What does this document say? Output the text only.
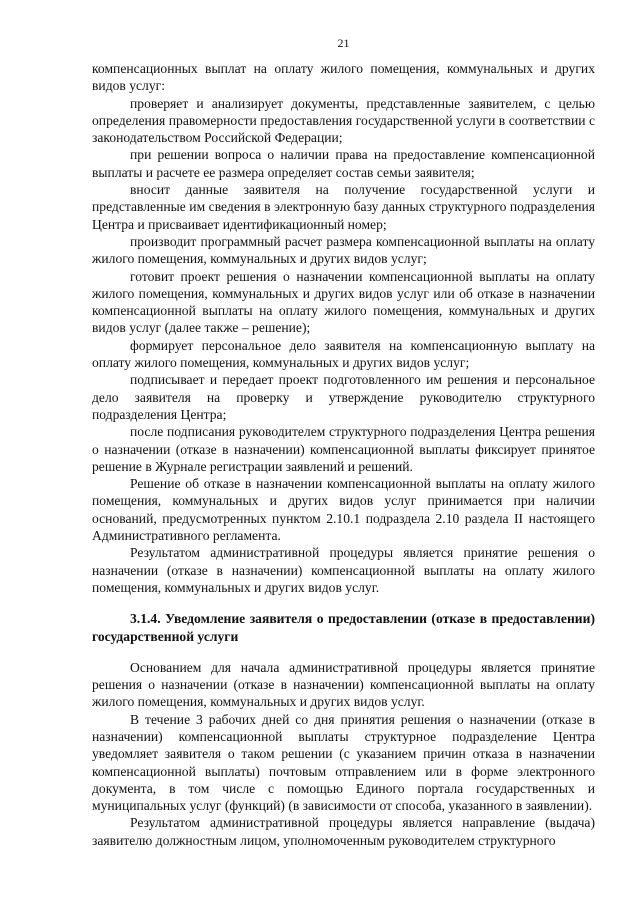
21

компенсационных выплат на оплату жилого помещения, коммунальных и других видов услуг:

проверяет и анализирует документы, представленные заявителем, с целью определения правомерности предоставления государственной услуги в соответствии с законодательством Российской Федерации;

при решении вопроса о наличии права на предоставление компенсационной выплаты и расчете ее размера определяет состав семьи заявителя;

вносит данные заявителя на получение государственной услуги и представленные им сведения в электронную базу данных структурного подразделения Центра и присваивает идентификационный номер;

производит программный расчет размера компенсационной выплаты на оплату жилого помещения, коммунальных и других видов услуг;

готовит проект решения о назначении компенсационной выплаты на оплату жилого помещения, коммунальных и других видов услуг или об отказе в назначении компенсационной выплаты на оплату жилого помещения, коммунальных и других видов услуг (далее также – решение);

формирует персональное дело заявителя на компенсационную выплату на оплату жилого помещения, коммунальных и других видов услуг;

подписывает и передает проект подготовленного им решения и персональное дело заявителя на проверку и утверждение руководителю структурного подразделения Центра;

после подписания руководителем структурного подразделения Центра решения о назначении (отказе в назначении) компенсационной выплаты фиксирует принятое решение в Журнале регистрации заявлений и решений.

Решение об отказе в назначении компенсационной выплаты на оплату жилого помещения, коммунальных и других видов услуг принимается при наличии оснований, предусмотренных пунктом 2.10.1 подраздела 2.10 раздела II настоящего Административного регламента.

Результатом административной процедуры является принятие решения о назначении (отказе в назначении) компенсационной выплаты на оплату жилого помещения, коммунальных и других видов услуг.

3.1.4. Уведомление заявителя о предоставлении (отказе в предоставлении) государственной услуги

Основанием для начала административной процедуры является принятие решения о назначении (отказе в назначении) компенсационной выплаты на оплату жилого помещения, коммунальных и других видов услуг.

В течение 3 рабочих дней со дня принятия решения о назначении (отказе в назначении) компенсационной выплаты структурное подразделение Центра уведомляет заявителя о таком решении (с указанием причин отказа в назначении компенсационной выплаты) почтовым отправлением или в форме электронного документа, в том числе с помощью Единого портала государственных и муниципальных услуг (функций) (в зависимости от способа, указанного в заявлении).

Результатом административной процедуры является направление (выдача) заявителю должностным лицом, уполномоченным руководителем структурного
